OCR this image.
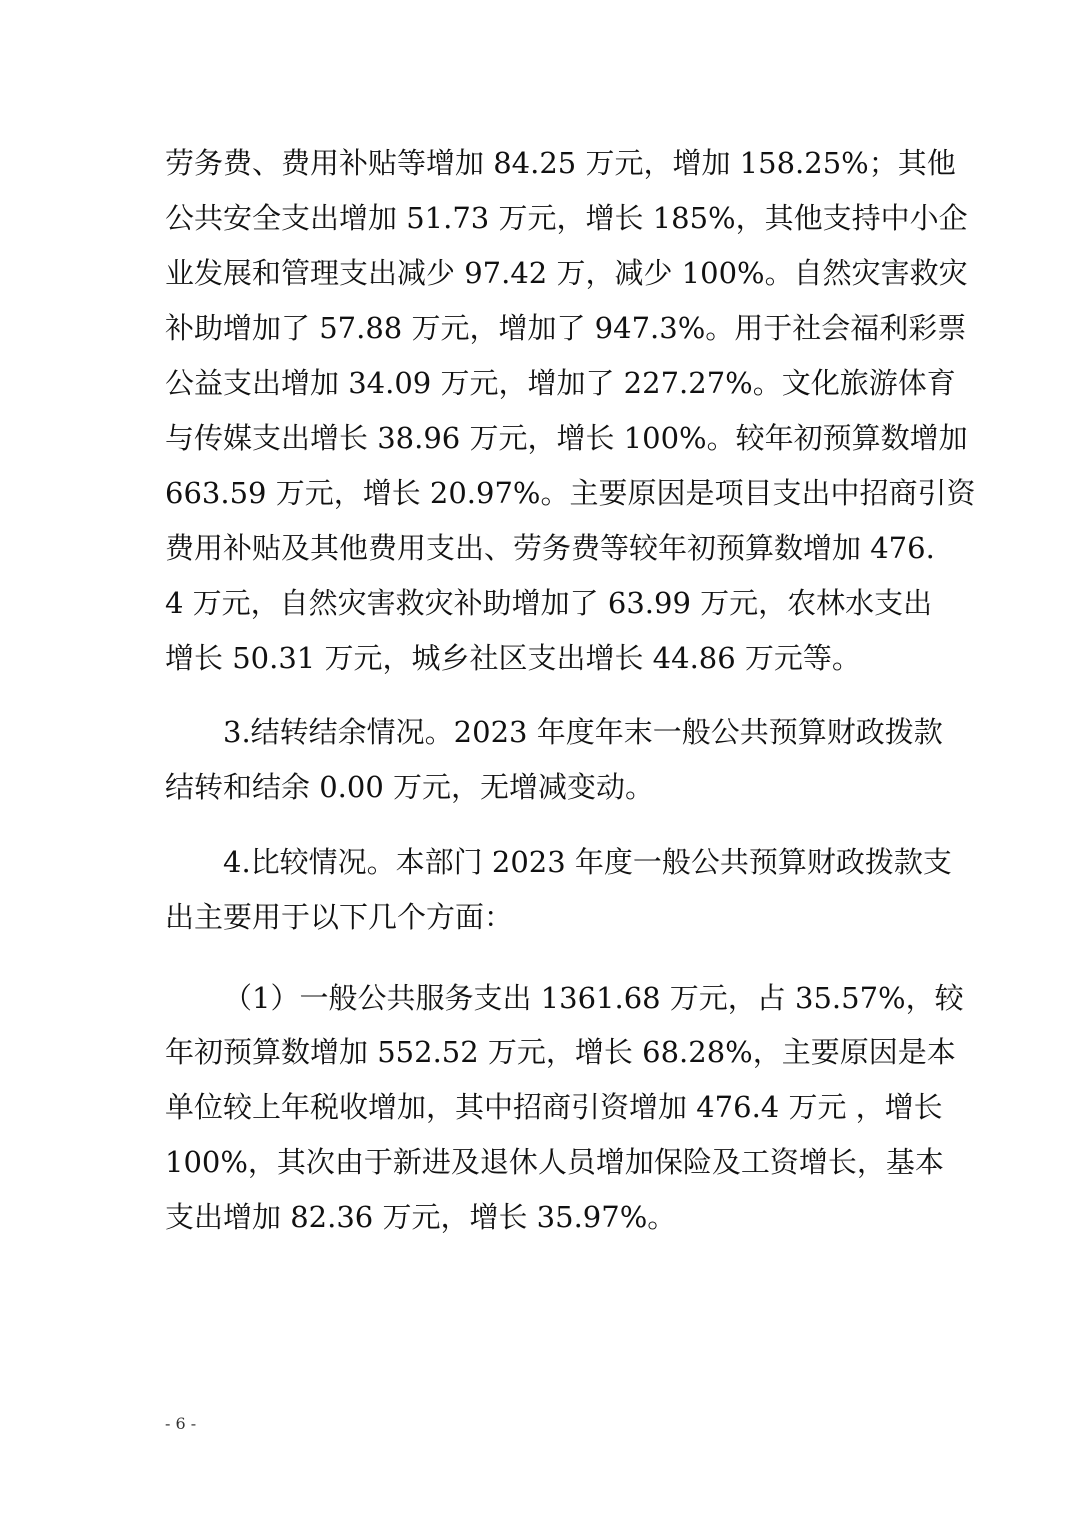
劳务费、费用补贴等增加 84.25 万元，增加 158.25%；其他
公共安全支出增加 51.73 万元，增长 185%，其他支持中小企
业发展和管理支出减少 97.42 万，减少 100%。自然灾害救灾
补助增加了 57.88 万元，增加了 947.3%。用于社会福利彩票
公益支出增加 34.09 万元，增加了 227.27%。文化旅游体育
与传媒支出增长 38.96 万元，增长 100%。较年初预算数增加
663.59 万元，增长 20.97%。主要原因是项目支出中招商引资
费用补贴及其他费用支出、劳务费等较年初预算数增加 476.
4 万元，自然灾害救灾补助增加了 63.99 万元，农林水支出
增长 50.31 万元，城乡社区支出增长 44.86 万元等。
3.结转结余情况。2023 年度年末一般公共预算财政拨款
结转和结余 0.00 万元，无增减变动。
4.比较情况。本部门 2023 年度一般公共预算财政拨款支
出主要用于以下几个方面：
（1）一般公共服务支出 1361.68 万元，占 35.57%，较
年初预算数增加 552.52 万元，增长 68.28%，主要原因是本
单位较上年税收增加，其中招商引资增加 476.4 万元 ，增长
100%，其次由于新进及退休人员增加保险及工资增长，基本
支出增加 82.36 万元，增长 35.97%。
- 6 -
